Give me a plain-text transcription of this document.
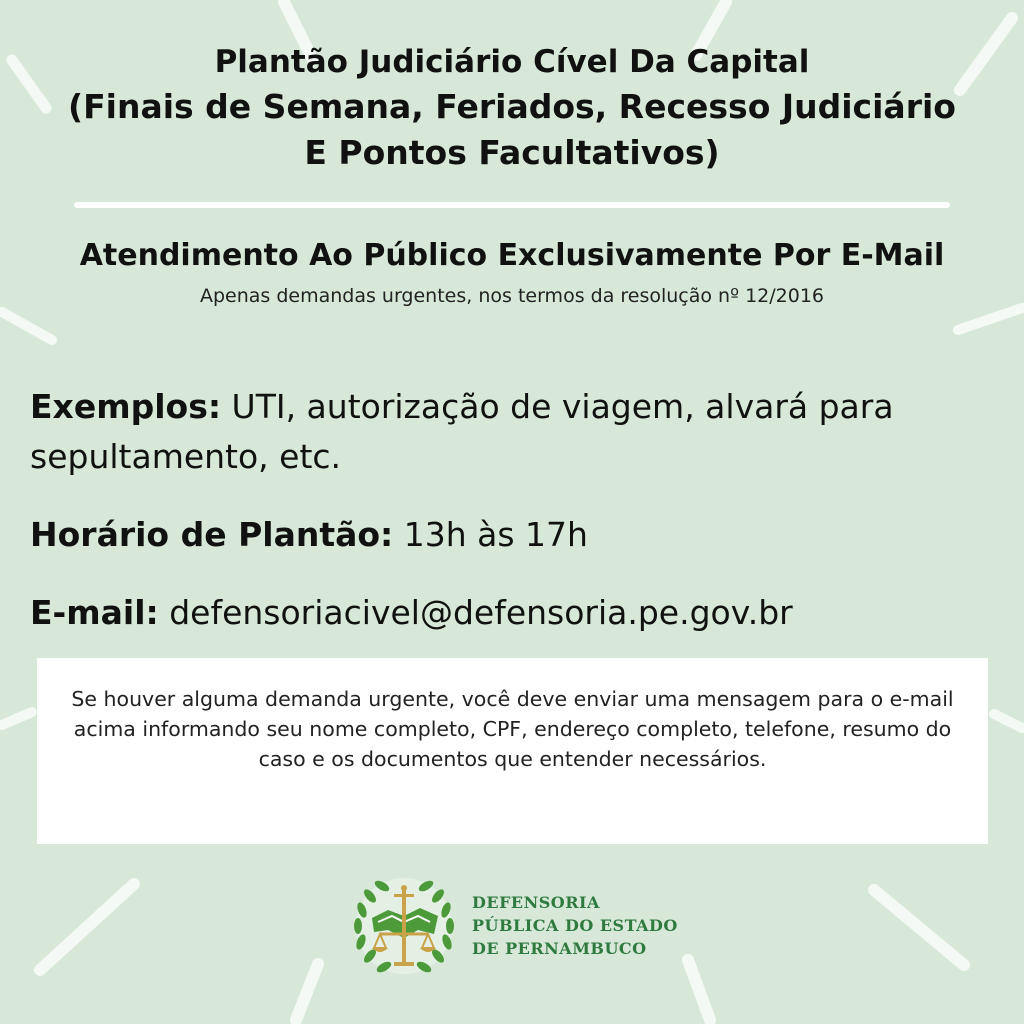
Plantão Judiciário Cível Da Capital
(Finais de Semana, Feriados, Recesso Judiciário
E Pontos Facultativos)
Atendimento Ao Público Exclusivamente Por E-Mail
Apenas demandas urgentes, nos termos da resolução nº 12/2016
Exemplos: UTI, autorização de viagem, alvará para sepultamento, etc.
Horário de Plantão: 13h às 17h
E-mail: defensoriacivel@defensoria.pe.gov.br
Se houver alguma demanda urgente, você deve enviar uma mensagem para o e-mail acima informando seu nome completo, CPF, endereço completo, telefone, resumo do caso e os documentos que entender necessários.
DEFENSORIA
PÚBLICA DO ESTADO
DE PERNAMBUCO
